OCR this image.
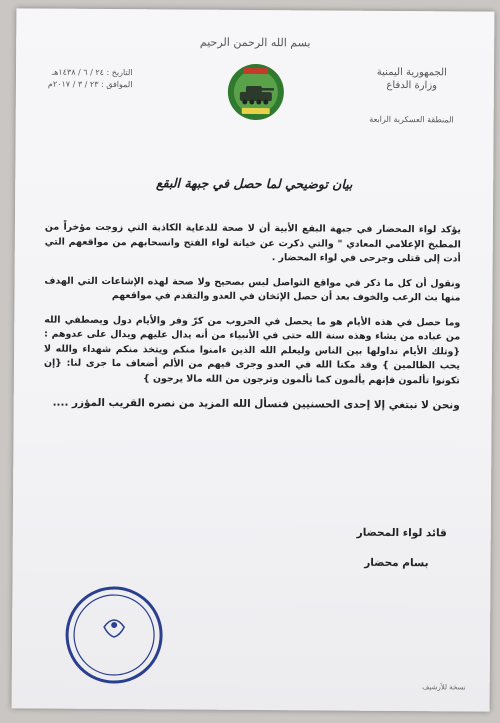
بسم الله الرحمن الرحيم
الجمهورية اليمنية
وزارة الدفاع
المنطقة العسكرية الرابعة
التاريخ : ٢٤ / ٦ / ١٤٣٨هـ
الموافق : ٢٣ / ٣ / ٢٠١٧م
بيان توضيحي لما حصل في جبهة البقع

يؤكد لواء المحضار في جبهة البقع الأبية أن لا صحة للدعاية الكاذبة التي زوجت مؤخراً من المطبخ الإعلامي المعادي " والتي ذكرت عن خيانة لواء الفتح وانسحابهم من مواقعهم التي أدت إلى قتلى وجرحى في لواء المحضار .

ونقول أن كل ما ذكر في مواقع التواصل ليس بصحيح ولا صحة لهذه الإشاعات التي الهدف منها بث الرعب والخوف بعد أن حصل الإثخان في العدو والتقدم في مواقعهم

وما حصل في هذه الأيام هو ما يحصل في الحروب من كرّ وفر والأيام دول ويصطفي الله من عباده من يشاء وهذه سنة الله حتى في الأنبياء من أنه يدال عليهم ويدال على عدوهم :{وتلك الأيام نداولها بين الناس وليعلم الله الذين ءامنوا منكم ويتخذ منكم شهداء والله لا يحب الظالمين } وقد مكنا الله في العدو وجرى فيهم من الألم أضعاف ما جرى لنا: {إن تكونوا تألمون فإنهم يألمون كما تألمون وترجون من الله مالا يرجون }

ونحن لا نبتغي إلا إحدى الحسنيين فنسأل الله المزيد من نصره القريب المؤزر ....

قائد لواء المحضار
بسام محضار
نسخة للأرشيف
